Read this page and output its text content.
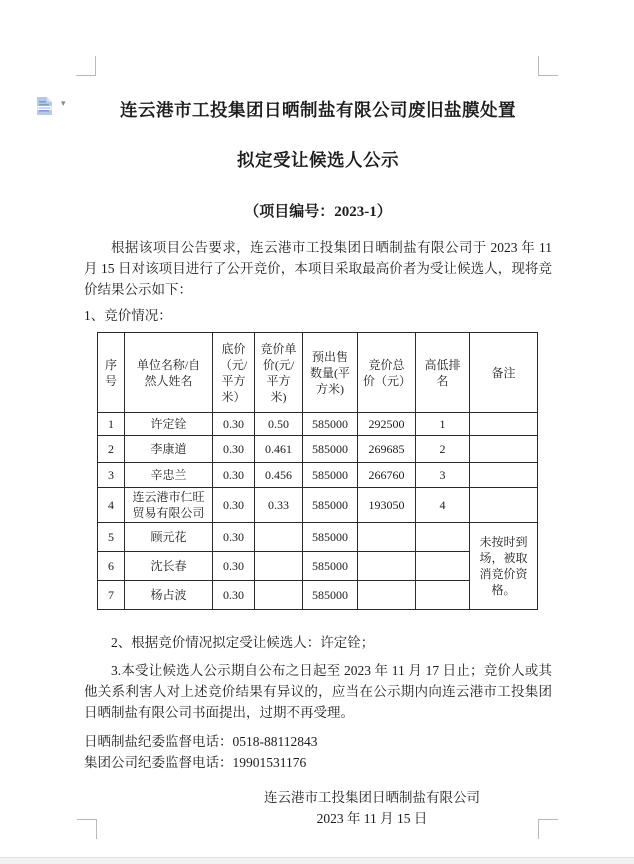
▾	连云港市工投集团日晒制盐有限公司废旧盐膜处置
拟定受让候选人公示
（项目编号：2023-1）

根据该项目公告要求，连云港市工投集团日晒制盐有限公司于 2023 年 11 月 15 日对该项目进行了公开竞价，本项目采取最高价者为受让候选人，现将竞价结果公示如下：

1、竞价情况：

序号	单位名称/自然人姓名	底价（元/平方米）	竞价单价(元/平方米)	预出售数量(平方米)	竞价总价（元）	高低排名	备注
1	许定铨	0.30	0.50	585000	292500	1	
2	李康道	0.30	0.461	585000	269685	2	
3	辛忠兰	0.30	0.456	585000	266760	3	
4	连云港市仁旺贸易有限公司	0.30	0.33	585000	193050	4	
5	顾元花	0.30		585000			未按时到场，被取消竞价资格。
6	沈长春	0.30		585000			
7	杨占波	0.30		585000			

2、根据竞价情况拟定受让候选人：许定铨；

3.本受让候选人公示期自公布之日起至 2023 年 11 月 17 日止；竞价人或其他关系利害人对上述竞价结果有异议的，应当在公示期内向连云港市工投集团日晒制盐有限公司书面提出，过期不再受理。

日晒制盐纪委监督电话：0518-88112843
集团公司纪委监督电话：19901531176
连云港市工投集团日晒制盐有限公司
2023 年 11 月 15 日
